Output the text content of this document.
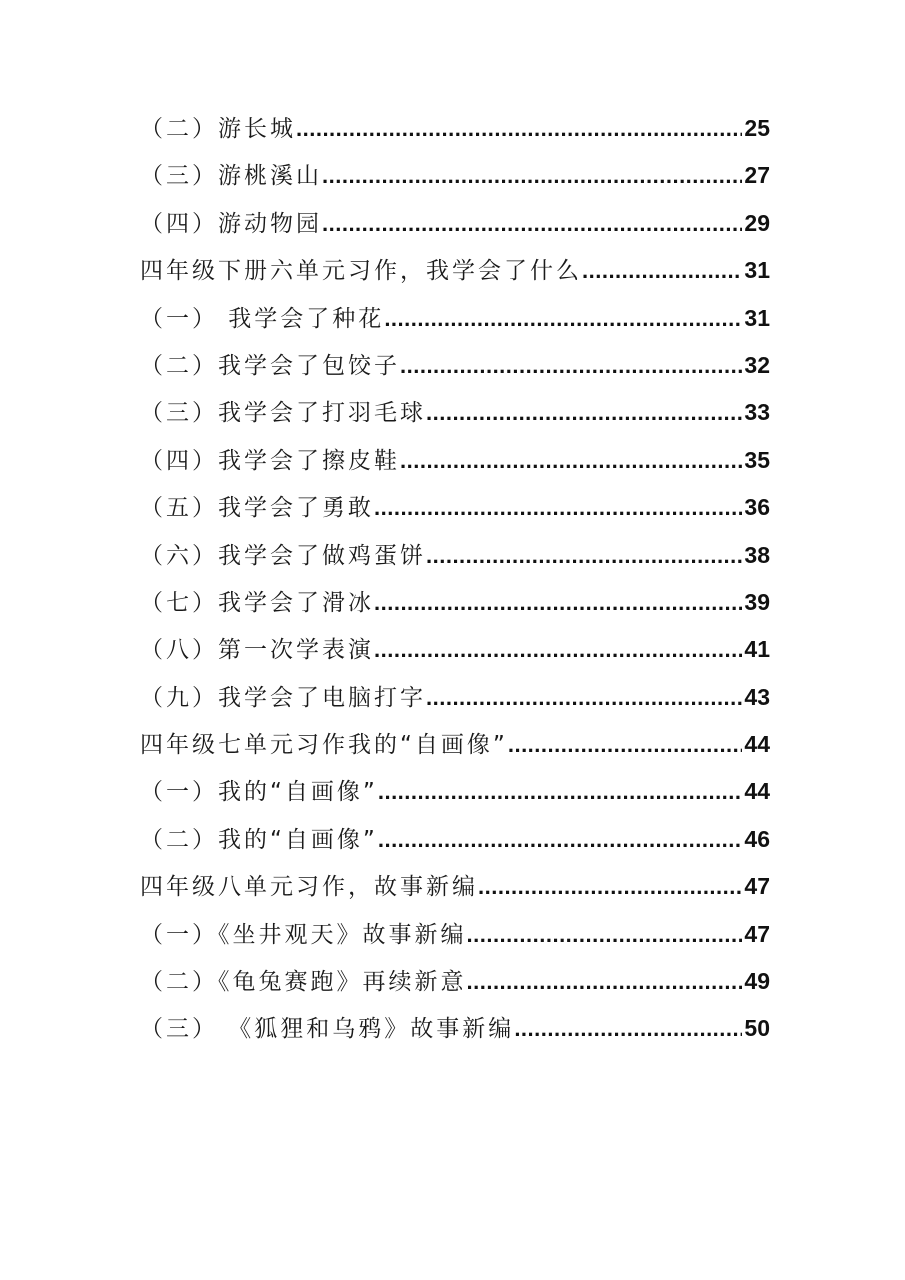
（二）游长城 .....	25
（三）游桃溪山 .....	27
（四）游动物园 .....	29
四年级下册六单元习作，我学会了什么 .....	31
（一） 我学会了种花 .....	31
（二）我学会了包饺子 .....	32
（三）我学会了打羽毛球 .....	33
（四）我学会了擦皮鞋 .....	35
（五）我学会了勇敢 .....	36
（六）我学会了做鸡蛋饼 .....	38
（七）我学会了滑冰 .....	39
（八）第一次学表演 .....	41
（九）我学会了电脑打字 .....	43
四年级七单元习作我的“自画像” .....	44
（一）我的“自画像” .....	44
（二）我的“自画像” .....	46
四年级八单元习作，故事新编 .....	47
（一）《坐井观天》故事新编 .....	47
（二）《龟兔赛跑》再续新意 .....	49
（三） 《狐狸和乌鸦》故事新编 .....	50
